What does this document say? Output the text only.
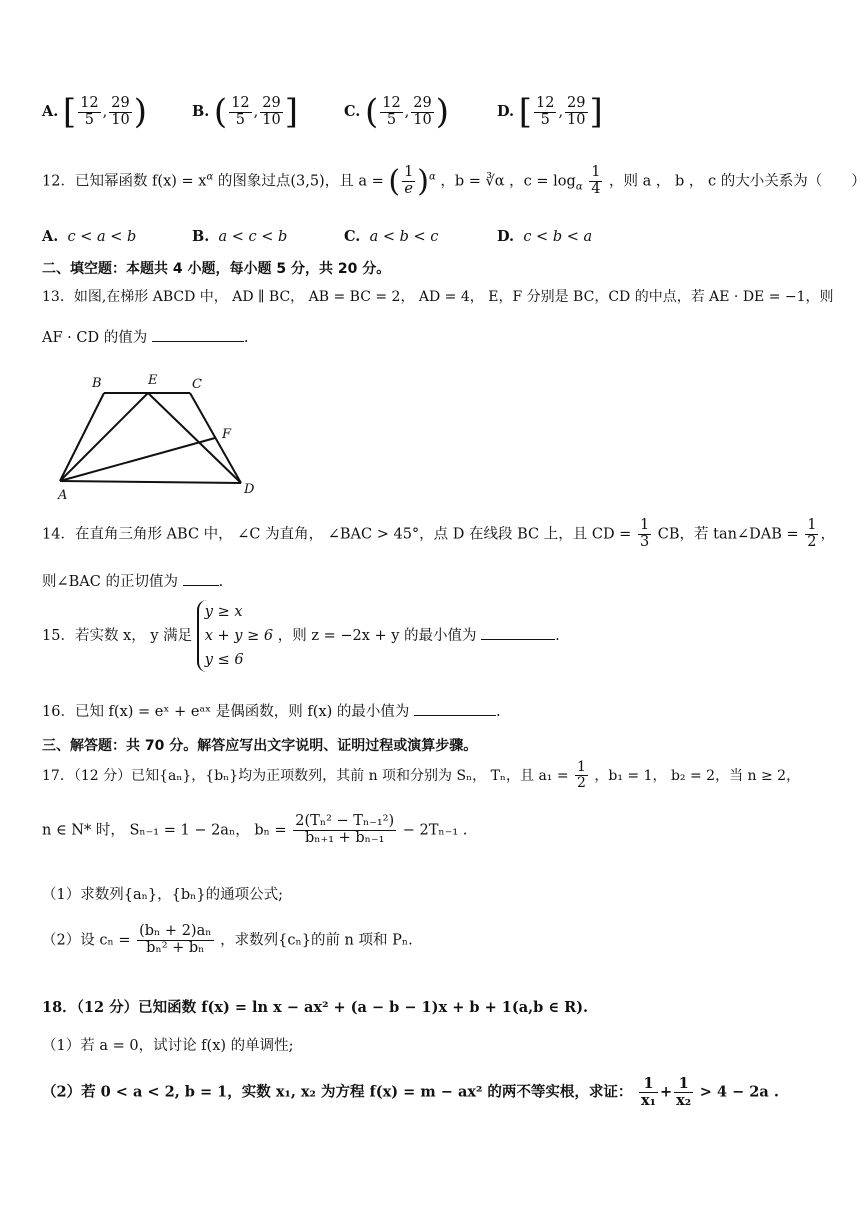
A. [ $\frac{12}{5}$ , $\frac{29}{10}$ )	B. ( $\frac{12}{5}$ , $\frac{29}{10}$ ]	C. ( $\frac{12}{5}$ , $\frac{29}{10}$ )	D. [ $\frac{12}{5}$ , $\frac{29}{10}$ ]
12．已知幂函数 $f(x) = x^\alpha$ 的图象过点(3,5)，且 a = ( $\frac{1}{e} )^\alpha$ ，b = ∛α ，$c = \log_\alpha \frac{1}{4}$ ，则 a ， b ， c 的大小关系为（　　）
A. c < a < b	B. a < c < b	C. a < b < c	D. c < b < a
二、填空题：本题共 4 小题，每小题 5 分，共 20 分。
13．如图,在梯形 ABCD 中， AD ∥ BC， AB = BC = 2， AD = 4， E，F 分别是 BC，CD 的中点，若 AE · DE = −1，则
AF · CD 的值为	.
A
B	E	C
F
D
14．在直角三角形 ABC 中， ∠C 为直角， ∠BAC > 45°，点 D 在线段 BC 上，且 CD = $\frac{1}{3}$ CB，若 tan∠DAB = $\frac{1}{2}$ ，
则∠BAC 的正切值为	.
15．若实数 x， y 满足
y ≥ x
x + y ≥ 6
y ≤ 6
，则 z = −2x + y 的最小值为	.
16．已知 f(x) = eˣ + eᵃˣ 是偶函数，则 f(x) 的最小值为	.
三、解答题：共 70 分。解答应写出文字说明、证明过程或演算步骤。
17．（12 分）已知{aₙ}，{bₙ}均为正项数列，其前 n 项和分别为 Sₙ， Tₙ，且 $a_1 = \frac{1}{2}$ ，b₁ = 1， b₂ = 2，当 n ≥ 2，
n ∈ N* 时， Sₙ₋₁ = 1 − 2aₙ， $b_n = \frac{\text{2(Tₙ² − Tₙ₋₁²)}}{\text{bₙ₊₁ + bₙ₋₁}} - 2T_{n-1}$ .
（1）求数列{aₙ}，{bₙ}的通项公式;
（2）设 $c_n = \frac{\text{(bₙ + 2)aₙ}}{\text{bₙ² + bₙ}}$ ，求数列{cₙ}的前 n 项和 Pₙ.
18．（12 分）已知函数 f(x) = ln x − ax² + (a − b − 1)x + b + 1(a,b ∈ R).
（1）若 a = 0，试讨论 f(x) 的单调性;
（2）若 0 < a < 2, b = 1，实数 x₁, x₂ 为方程 f(x) = m − ax² 的两不等实根，求证： $\frac{1}{\text{x₁}} + \frac{1}{\text{x₂}} > 4 - 2a$ .
